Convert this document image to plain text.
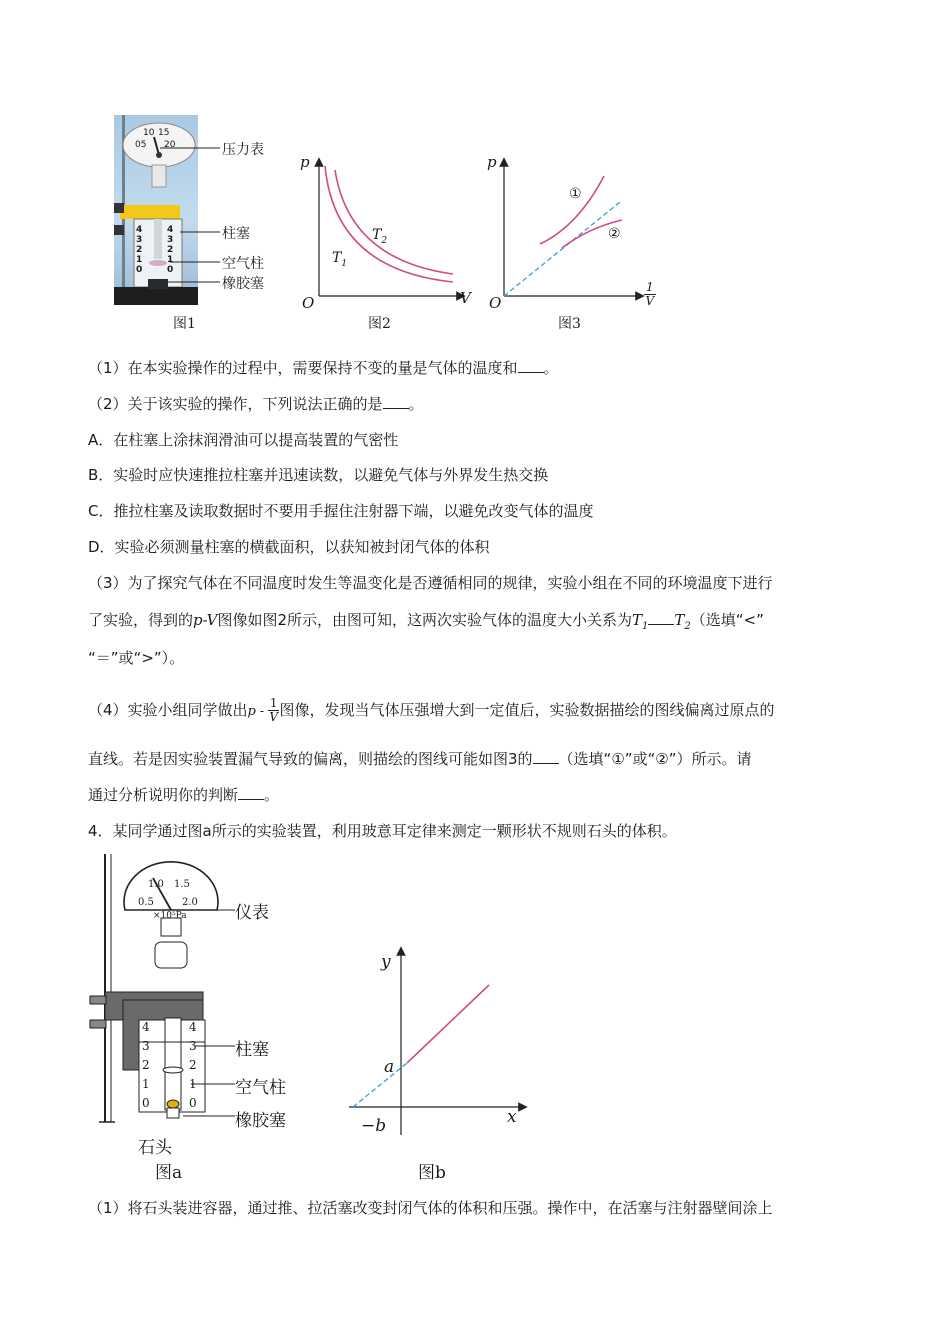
10 15
05 20
4
3
2
1
0
4
3
2
1
0
压力表
柱塞
空气柱
橡胶塞
图1
p
V
O
$T_1$
$T_2$
图2
p
$\frac{1}{V}$
O
①
②
图3
（1）在本实验操作的过程中，需要保持不变的量是气体的温度和 。
（2）关于该实验的操作，下列说法正确的是 。
A．在柱塞上涂抹润滑油可以提高装置的气密性
B．实验时应快速推拉柱塞并迅速读数，以避免气体与外界发生热交换
C．推拉柱塞及读取数据时不要用手握住注射器下端，以避免改变气体的温度
D．实验必须测量柱塞的横截面积，以获知被封闭气体的体积
（3）为了探究气体在不同温度时发生等温变化是否遵循相同的规律，实验小组在不同的环境温度下进行
了实验，得到的p-V图像如图2所示，由图可知，这两次实验气体的温度大小关系为$T_1$ $T_2$（选填“<”
“＝”或“>”）。
（4）实验小组同学做出p - $\frac{1}{V}$ 图像，发现当气体压强增大到一定值后，实验数据描绘的图线偏离过原点的
直线。若是因实验装置漏气导致的偏离，则描绘的图线可能如图3的 （选填“①”或“②”）所示。请
通过分析说明你的判断 。
4．某同学通过图a所示的实验装置，利用玻意耳定律来测定一颗形状不规则石头的体积。
1.0 1.5
0.5	2.0
×10⁵Pa
4
3
2
1
0
4
3
2
1
0
仪表
柱塞
空气柱
橡胶塞
石头
图a
y
x
a
−b
图b
（1）将石头装进容器，通过推、拉活塞改变封闭气体的体积和压强。操作中，在活塞与注射器壁间涂上
